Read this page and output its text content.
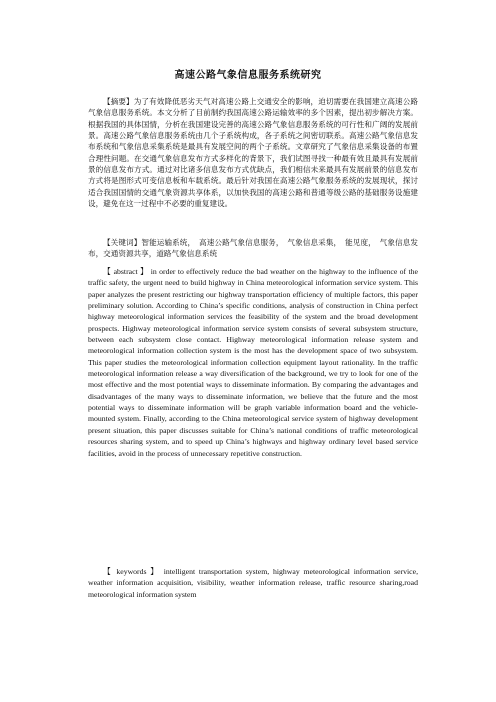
高速公路气象信息服务系统研究

【摘要】为了有效降低恶劣天气对高速公路上交通安全的影响，迫切需要在我国建立高速公路气象信息服务系统。本文分析了目前制约我国高速公路运输效率的多个因素，提出初步解决方案。根据我国的具体国情，分析在我国建设完善的高速公路气象信息服务系统的可行性和广阔的发展前景。高速公路气象信息服务系统由几个子系统构成，各子系统之间密切联系。高速公路气象信息发布系统和气象信息采集系统是最具有发展空间的两个子系统。文章研究了气象信息采集设备的布置合理性问题。在交通气象信息发布方式多样化的背景下，我们试图寻找一种最有效且最具有发展前景的信息发布方式。通过对比诸多信息发布方式优缺点，我们相信未来最具有发展前景的信息发布方式将是图形式可变信息板和车载系统。最后针对我国在高速公路气象服务系统的发展现状，探讨适合我国国情的交通气象资源共享体系，以加快我国的高速公路和普通等级公路的基础服务设施建设，避免在这一过程中不必要的重复建设。

【关键词】智能运输系统，　高速公路气象信息服务，　气象信息采集，　能见度，　气象信息发布，交通资源共享，道路气象信息系统

【 abstract 】 in order to effectively reduce the bad weather on the highway to the influence of the traffic safety, the urgent need to build highway in China meteorological information service system. This paper analyzes the present restricting our highway transportation efficiency of multiple factors, this paper preliminary solution. According to China’s specific conditions, analysis of construction in China perfect highway meteorological information services the feasibility of the system and the broad development prospects. Highway meteorological information service system consists of several subsystem structure, between each subsystem close contact. Highway meteorological information release system and meteorological information collection system is the most has the development space of two subsystem. This paper studies the meteorological information collection equipment layout rationality. In the traffic meteorological information release a way diversification of the background, we try to look for one of the most effective and the most potential ways to disseminate information. By comparing the advantages and disadvantages of the many ways to disseminate information, we believe that the future and the most potential ways to disseminate information will be graph variable information board and the vehicle-mounted system. Finally, according to the China meteorological service system of highway development present situation, this paper discusses suitable for China’s national conditions of traffic meteorological resources sharing system, and to speed up China’s highways and highway ordinary level based service facilities, avoid in the process of unnecessary repetitive construction.

【 keywords 】 intelligent transportation system, highway meteorological information service, weather information acquisition, visibility, weather information release, traffic resource sharing,road meteorological information system
